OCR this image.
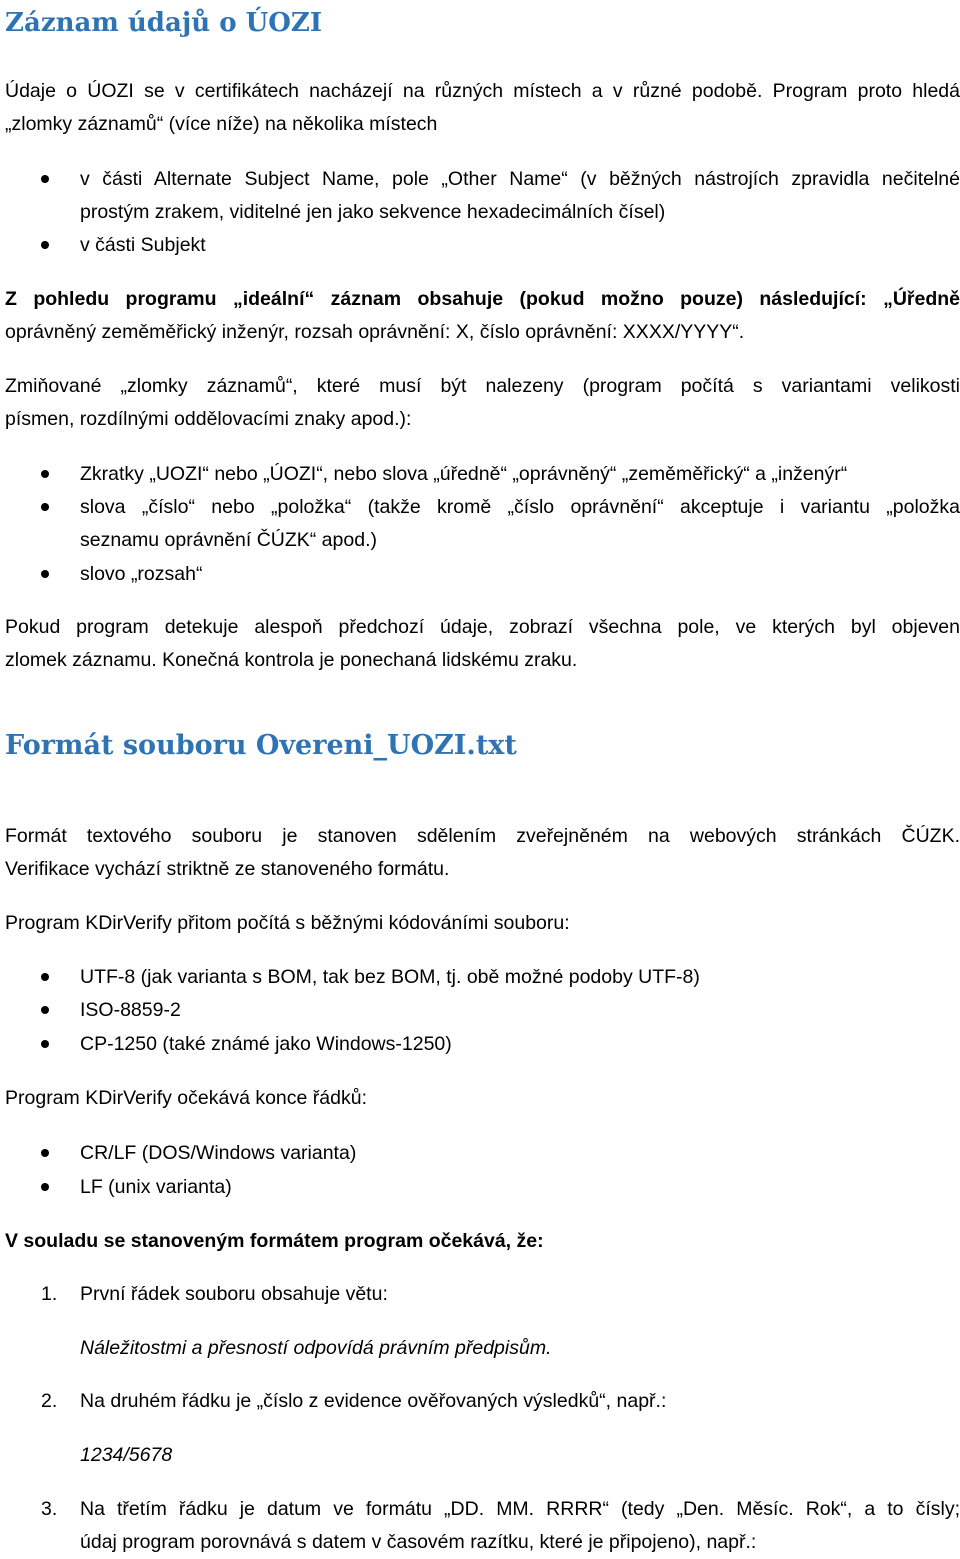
Záznam údajů o ÚOZI

Údaje o ÚOZI se v certifikátech nacházejí na různých místech a v různé podobě. Program proto hledá

„zlomky záznamů“ (více níže) na několika místech

v části Alternate Subject Name, pole „Other Name“ (v běžných nástrojích zpravidla nečitelné

prostým zrakem, viditelné jen jako sekvence hexadecimálních čísel)

v části Subjekt

Z pohledu programu „ideální“ záznam obsahuje (pokud možno pouze) následující: „Úředně

oprávněný zeměměřický inženýr, rozsah oprávnění: X, číslo oprávnění: XXXX/YYYY“.

Zmiňované „zlomky záznamů“, které musí být nalezeny (program počítá s variantami velikosti

písmen, rozdílnými oddělovacími znaky apod.):

Zkratky „UOZI“ nebo „ÚOZI“, nebo slova „úředně“ „oprávněný“ „zeměměřický“ a „inženýr“

slova „číslo“ nebo „položka“ (takže kromě „číslo oprávnění“ akceptuje i variantu „položka

seznamu oprávnění ČÚZK“ apod.)

slovo „rozsah“

Pokud program detekuje alespoň předchozí údaje, zobrazí všechna pole, ve kterých byl objeven

zlomek záznamu. Konečná kontrola je ponechaná lidskému zraku.

Formát souboru Overeni_UOZI.txt

Formát textového souboru je stanoven sdělením zveřejněném na webových stránkách ČÚZK.

Verifikace vychází striktně ze stanoveného formátu.

Program KDirVerify přitom počítá s běžnými kódováními souboru:

UTF-8 (jak varianta s BOM, tak bez BOM, tj. obě možné podoby UTF-8)

ISO-8859-2

CP-1250 (také známé jako Windows-1250)

Program KDirVerify očekává konce řádků:

CR/LF (DOS/Windows varianta)

LF (unix varianta)

V souladu se stanoveným formátem program očekává, že:

1. První řádek souboru obsahuje větu:

Náležitostmi a přesností odpovídá právním předpisům.

2. Na druhém řádku je „číslo z evidence ověřovaných výsledků“, např.:

1234/5678

3. Na třetím řádku je datum ve formátu „DD. MM. RRRR“ (tedy „Den. Měsíc. Rok“, a to čísly;

údaj program porovnává s datem v časovém razítku, které je připojeno), např.:
